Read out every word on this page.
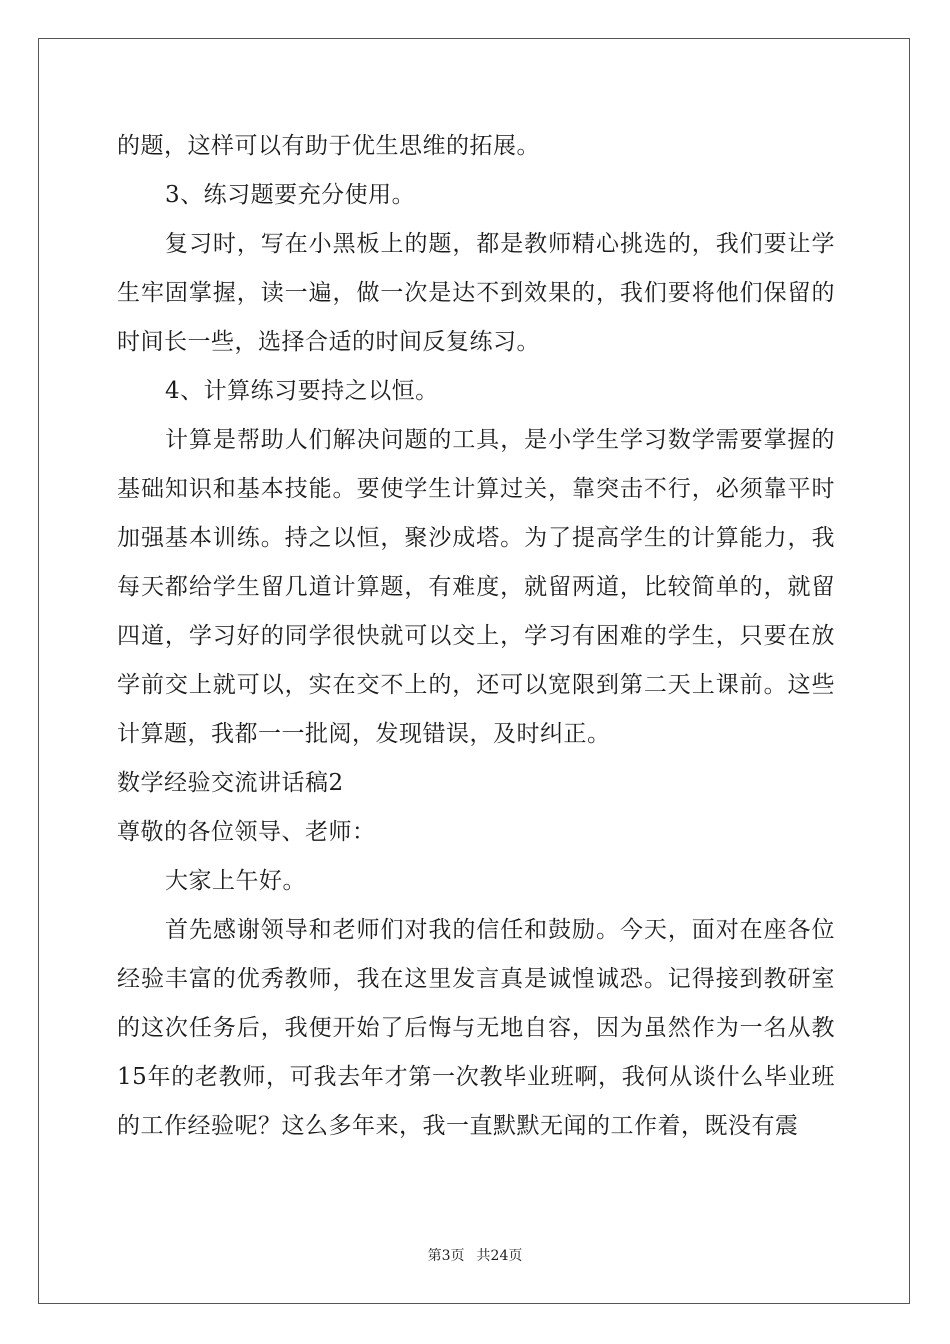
的题，这样可以有助于优生思维的拓展。

3、练习题要充分使用。

复习时，写在小黑板上的题，都是教师精心挑选的，我们要让学生牢固掌握，读一遍，做一次是达不到效果的，我们要将他们保留的时间长一些，选择合适的时间反复练习。

4、计算练习要持之以恒。

计算是帮助人们解决问题的工具，是小学生学习数学需要掌握的基础知识和基本技能。要使学生计算过关，靠突击不行，必须靠平时加强基本训练。持之以恒，聚沙成塔。为了提高学生的计算能力，我每天都给学生留几道计算题，有难度，就留两道，比较简单的，就留四道，学习好的同学很快就可以交上，学习有困难的学生，只要在放学前交上就可以，实在交不上的，还可以宽限到第二天上课前。这些计算题，我都一一批阅，发现错误，及时纠正。

数学经验交流讲话稿2

尊敬的各位领导、老师：

大家上午好。

首先感谢领导和老师们对我的信任和鼓励。今天，面对在座各位经验丰富的优秀教师，我在这里发言真是诚惶诚恐。记得接到教研室的这次任务后，我便开始了后悔与无地自容，因为虽然作为一名从教15年的老教师，可我去年才第一次教毕业班啊，我何从谈什么毕业班的工作经验呢？这么多年来，我一直默默无闻的工作着，既没有震

第3页 共24页
